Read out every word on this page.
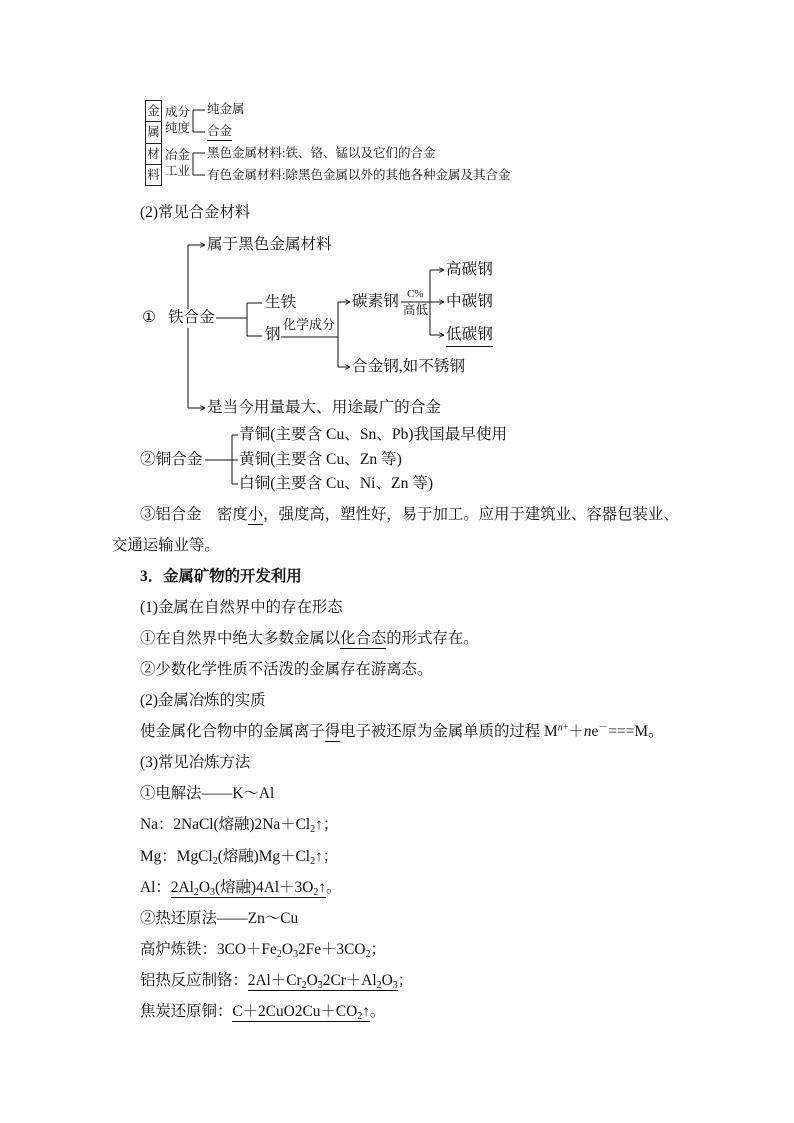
金
属
材
料
成分
纯度
纯金属
合金
冶金
工业
黑色金属材料:铁、铬、锰以及它们的合金
有色金属材料:除黑色金属以外的其他各种金属及其合金
(2)常见合金材料
① 铁合金
属于黑色金属材料
生铁
钢
化学成分
碳素钢 C%
高低
高碳钢
中碳钢
低碳钢
合金钢,如不锈钢
是当今用量最大、用途最广的合金
②铜合金
青铜(主要含 Cu、Sn、Pb)我国最早使用
黄铜(主要含 Cu、Zn 等)
白铜(主要含 Cu、Ni、Zn 等)
③铝合金　密度小，强度高，塑性好，易于加工。应用于建筑业、容器包装业、
交通运输业等。
3．金属矿物的开发利用
(1)金属在自然界中的存在形态
①在自然界中绝大多数金属以化合态的形式存在。
②少数化学性质不活泼的金属存在游离态。
(2)金属冶炼的实质
使金属化合物中的金属离子得电子被还原为金属单质的过程 $M^{n+}+ne^-===M$。
(3)常见冶炼方法
①电解法——K～Al
Na：2NaCl(熔融)$2Na+Cl_2↑$；
Mg：MgCl$_2$(熔融)$Mg+Cl_2↑$；
Al：$2Al_2O_3$(熔融)$4Al+3O_2↑$。
②热还原法——Zn～Cu
高炉炼铁：$3CO+Fe_2O_32Fe+3CO_2$；
铝热反应制铬：$2Al+Cr_2O_32Cr+Al_2O_3$；
焦炭还原铜：$C+2CuO2Cu+CO_2↑$。
